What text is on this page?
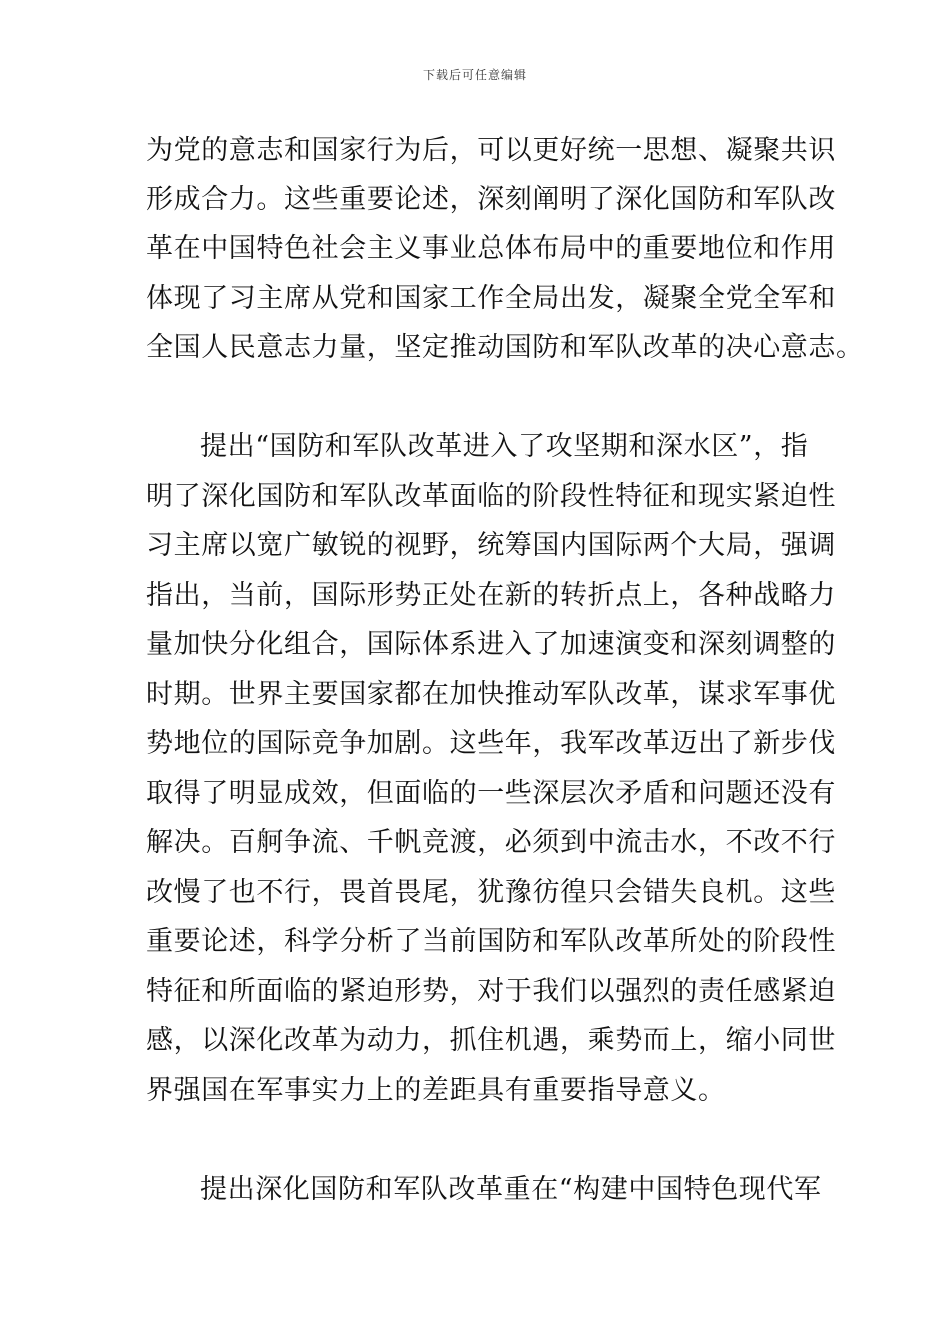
下载后可任意编辑
为党的意志和国家行为后，可以更好统一思想、凝聚共识
形成合力。这些重要论述，深刻阐明了深化国防和军队改
革在中国特色社会主义事业总体布局中的重要地位和作用
体现了习主席从党和国家工作全局出发，凝聚全党全军和
全国人民意志力量，坚定推动国防和军队改革的决心意志。
提出“国防和军队改革进入了攻坚期和深水区”，指
明了深化国防和军队改革面临的阶段性特征和现实紧迫性
习主席以宽广敏锐的视野，统筹国内国际两个大局，强调
指出，当前，国际形势正处在新的转折点上，各种战略力
量加快分化组合，国际体系进入了加速演变和深刻调整的
时期。世界主要国家都在加快推动军队改革，谋求军事优
势地位的国际竞争加剧。这些年，我军改革迈出了新步伐
取得了明显成效，但面临的一些深层次矛盾和问题还没有
解决。百舸争流、千帆竞渡，必须到中流击水，不改不行
改慢了也不行，畏首畏尾，犹豫彷徨只会错失良机。这些
重要论述，科学分析了当前国防和军队改革所处的阶段性
特征和所面临的紧迫形势，对于我们以强烈的责任感紧迫
感，以深化改革为动力，抓住机遇，乘势而上，缩小同世
界强国在军事实力上的差距具有重要指导意义。
提出深化国防和军队改革重在“构建中国特色现代军
